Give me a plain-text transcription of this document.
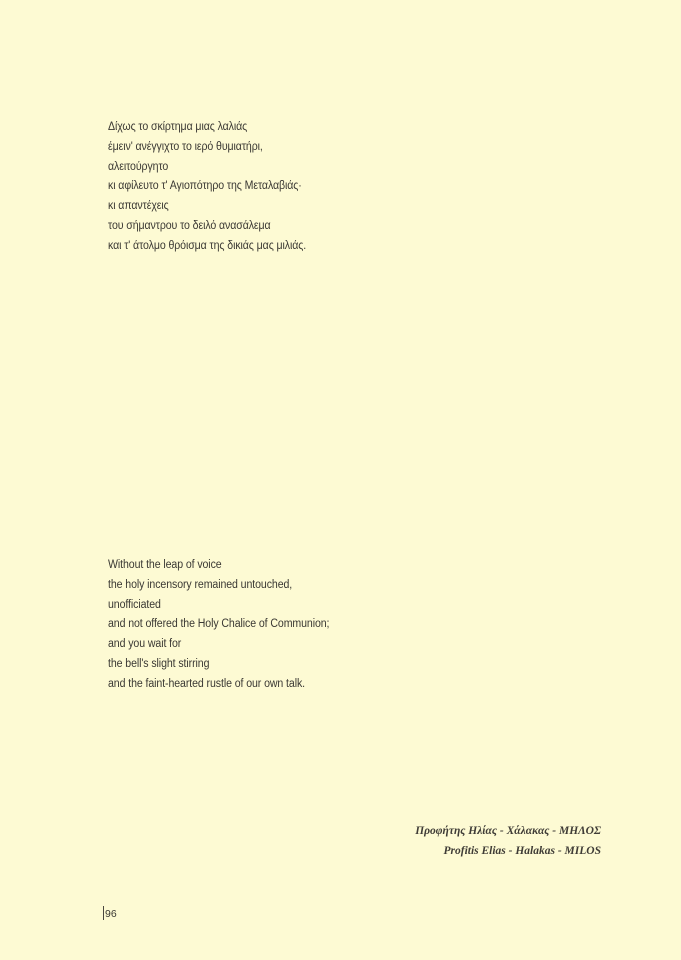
Δίχως το σκίρτημα μιας λαλιάς
έμειν' ανέγγιχτο το ιερό θυμιατήρι,
αλειτούργητο
κι αφίλευτο τ' Αγιοπότηρο της Μεταλαβιάς·
κι απαντέχεις
του σήμαντρου το δειλό ανασάλεμα
και τ' άτολμο θρόισμα της δικιάς μας μιλιάς.
Without the leap of voice
the holy incensory remained untouched,
unofficiated
and not offered the Holy Chalice of Communion;
and you wait for
the bell's slight stirring
and the faint-hearted rustle of our own talk.
Προφήτης Ηλίας - Χάλακας - ΜΗΛΟΣ
Profitis Elias - Halakas - MILOS
96
